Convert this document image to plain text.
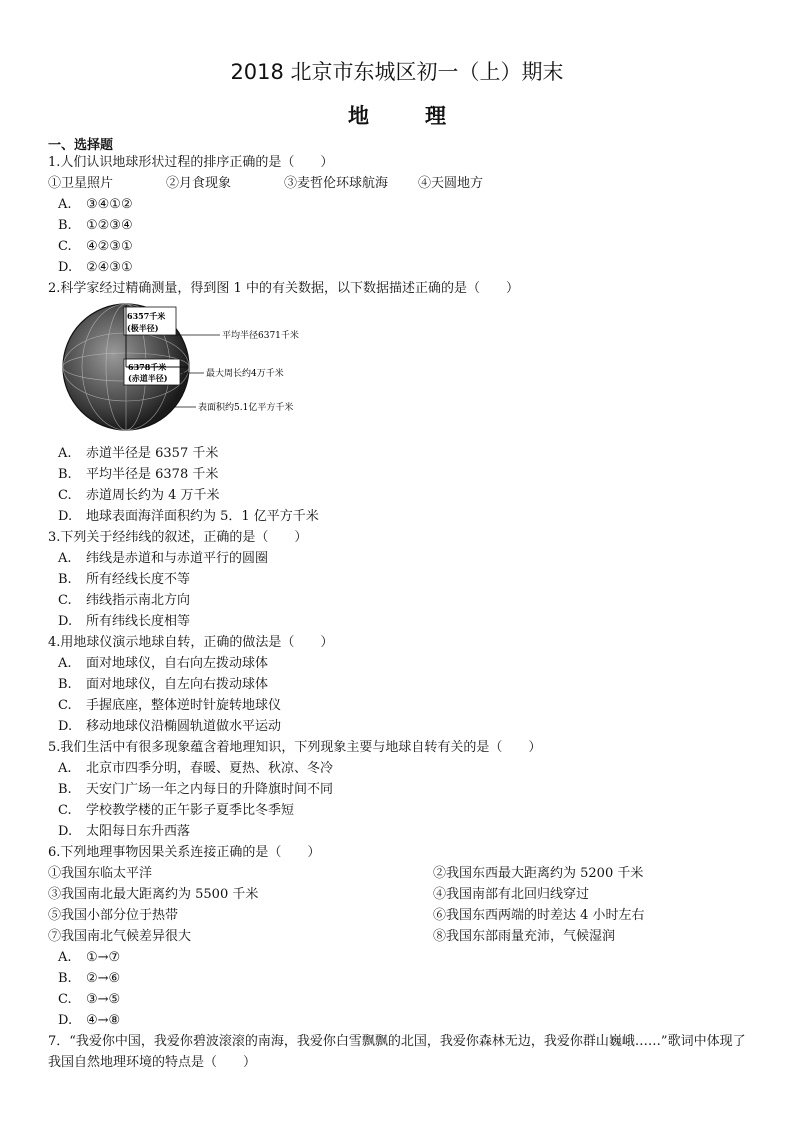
2018 北京市东城区初一（上）期末
地	理
一、选择题
1.人们认识地球形状过程的排序正确的是（　　）
①卫星照片	②月食现象	③麦哲伦环球航海	④天圆地方
A. ③④①②
B. ①②③④
C. ④②③①
D. ②④③①
2.科学家经过精确测量，得到图 1 中的有关数据，以下数据描述正确的是（　　）
6357千米
(极半径)
6378千米
(赤道半径)
平均半径6371千米
最大周长约4万千米
表面积约5.1亿平方千米
A. 赤道半径是 6357 千米
B. 平均半径是 6378 千米
C. 赤道周长约为 4 万千米
D. 地球表面海洋面积约为 5．1 亿平方千米
3.下列关于经纬线的叙述，正确的是（　　）
A. 纬线是赤道和与赤道平行的圆圈
B. 所有经线长度不等
C. 纬线指示南北方向
D. 所有纬线长度相等
4.用地球仪演示地球自转，正确的做法是（　　）
A. 面对地球仪，自右向左拨动球体
B. 面对地球仪，自左向右拨动球体
C. 手握底座，整体逆时针旋转地球仪
D. 移动地球仪沿椭圆轨道做水平运动
5.我们生活中有很多现象蕴含着地理知识，下列现象主要与地球自转有关的是（　　）
A. 北京市四季分明，春暖、夏热、秋凉、冬冷
B. 天安门广场一年之内每日的升降旗时间不同
C. 学校教学楼的正午影子夏季比冬季短
D. 太阳每日东升西落
6.下列地理事物因果关系连接正确的是（　　）
①我国东临太平洋	②我国东西最大距离约为 5200 千米
③我国南北最大距离约为 5500 千米	④我国南部有北回归线穿过
⑤我国小部分位于热带	⑥我国东西两端的时差达 4 小时左右
⑦我国南北气候差异很大	⑧我国东部雨量充沛，气候湿润
A. ①→⑦
B. ②→⑥
C. ③→⑤
D. ④→⑧
7．“我爱你中国，我爱你碧波滚滚的南海，我爱你白雪飘飘的北国，我爱你森林无边，我爱你群山巍峨……”歌词中体现了我国自然地理环境的特点是（　　）
